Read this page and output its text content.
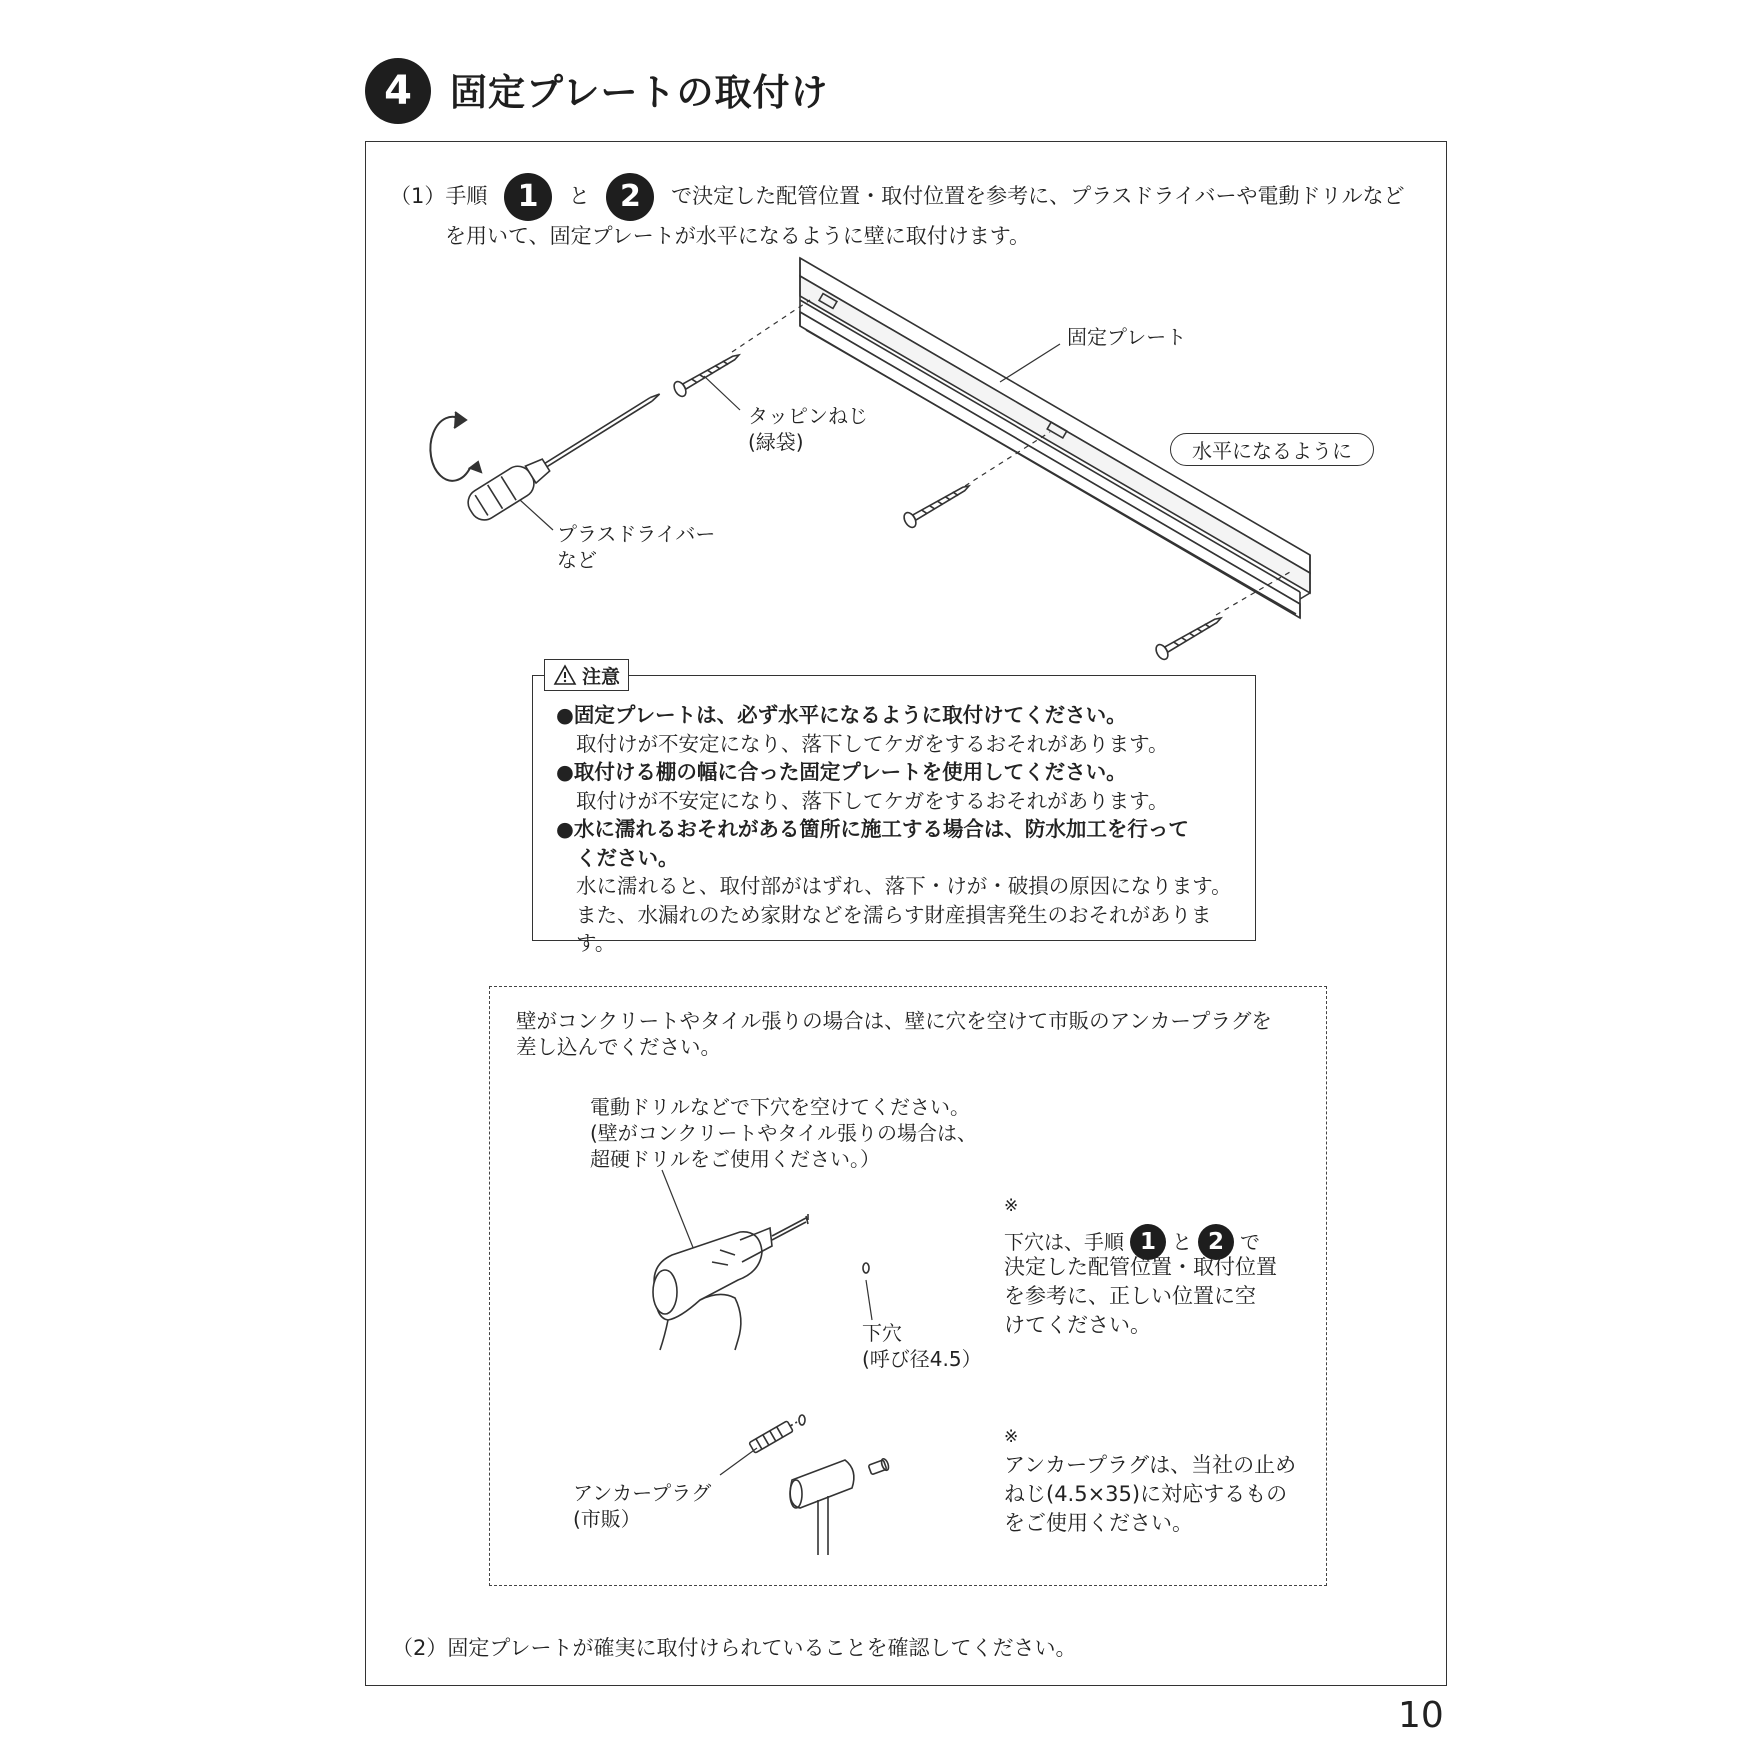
4	固定プレートの取付け
（1）手順 1 と 2 で決定した配管位置・取付位置を参考に、プラスドライバーや電動ドリルなど
を用いて、固定プレートが水平になるように壁に取付けます。
固定プレート
タッピンねじ
(緑袋)	水平になるように
プラスドライバー
など
注意
●固定プレートは、必ず水平になるように取付けてください。
取付けが不安定になり、落下してケガをするおそれがあります。
●取付ける棚の幅に合った固定プレートを使用してください。
取付けが不安定になり、落下してケガをするおそれがあります。
●水に濡れるおそれがある箇所に施工する場合は、防水加工を行って
ください。
水に濡れると、取付部がはずれ、落下・けが・破損の原因になります。
また、水漏れのため家財などを濡らす財産損害発生のおそれがあります。
壁がコンクリートやタイル張りの場合は、壁に穴を空けて市販のアンカープラグを
差し込んでください。
電動ドリルなどで下穴を空けてください。
(壁がコンクリートやタイル張りの場合は、
超硬ドリルをご使用ください。）
下穴
(呼び径4.5）
※
下穴は、手順 1 と 2 で
決定した配管位置・取付位置
を参考に、正しい位置に空
けてください。
アンカープラグ
(市販）
※
アンカープラグは、当社の止め
ねじ(4.5×35)に対応するもの
をご使用ください。
（2）固定プレートが確実に取付けられていることを確認してください。
10
